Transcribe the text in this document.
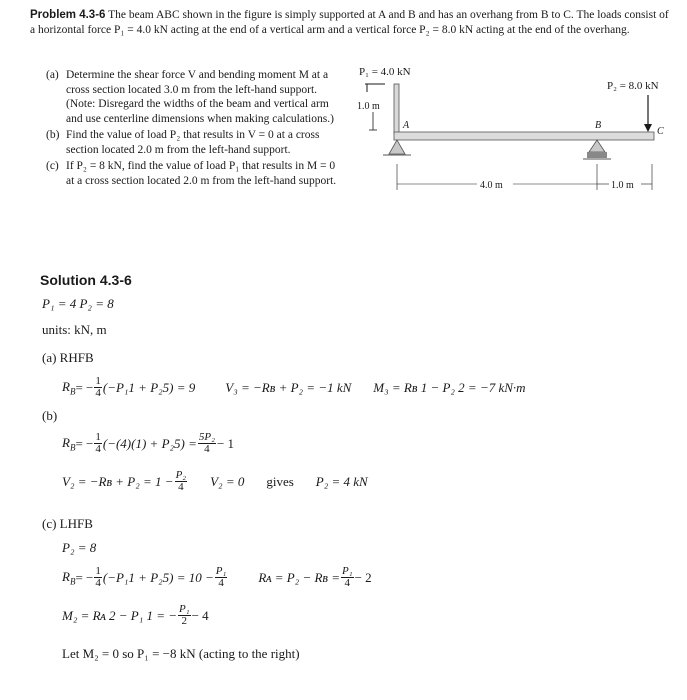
Problem 4.3-6 The beam ABC shown in the figure is simply supported at A and B and has an overhang from B to C. The loads consist of a horizontal force P₁ = 4.0 kN acting at the end of a vertical arm and a vertical force P₂ = 8.0 kN acting at the end of the overhang.
(a) Determine the shear force V and bending moment M at a cross section located 3.0 m from the left-hand support. (Note: Disregard the widths of the beam and vertical arm and use centerline dimensions when making calculations.)
(b) Find the value of load P₂ that results in V = 0 at a cross section located 2.0 m from the left-hand support.
(c) If P₂ = 8 kN, find the value of load P₁ that results in M = 0 at a cross section located 2.0 m from the left-hand support.
P₁ = 4.0 kN
1.0 m
A	B
P₂ = 8.0 kN
C
4.0 m	1.0 m
Solution 4.3-6
P₁ = 4 P₂ = 8
units: kN, m
(a) RHFB
$R_B$ = − $\frac{1}{4} (-P_11 + P_25) = 9$ V₃ = −Rʙ + P₂ = −1 kN M₃ = Rʙ 1 − P₂ 2 = −7 kN·m
(b)
$R_B$ = − $\frac{1}{4} (-(4)(1) + P_25) = \frac{\text{5P₂}}{4} - 1$
V₂ = −Rʙ + $P_2 = 1 - \frac{\text{P₂}}{4} V_2 = 0$ gives P₂ = 4 kN
(c) LHFB
P₂ = 8
$R_B$ = − $\frac{1}{4} (-P_11 + P_25) = 10 - \frac{\text{P₁}}{4}$ Rᴀ = P₂ − Rʙ = $\frac{\text{P₁}}{4} - 2$
M₂ = Rᴀ 2 − P₁ 1 = − $\frac{\text{P₁}}{2} - 4$
Let M₂ = 0 so P₁ = −8 kN (acting to the right)
